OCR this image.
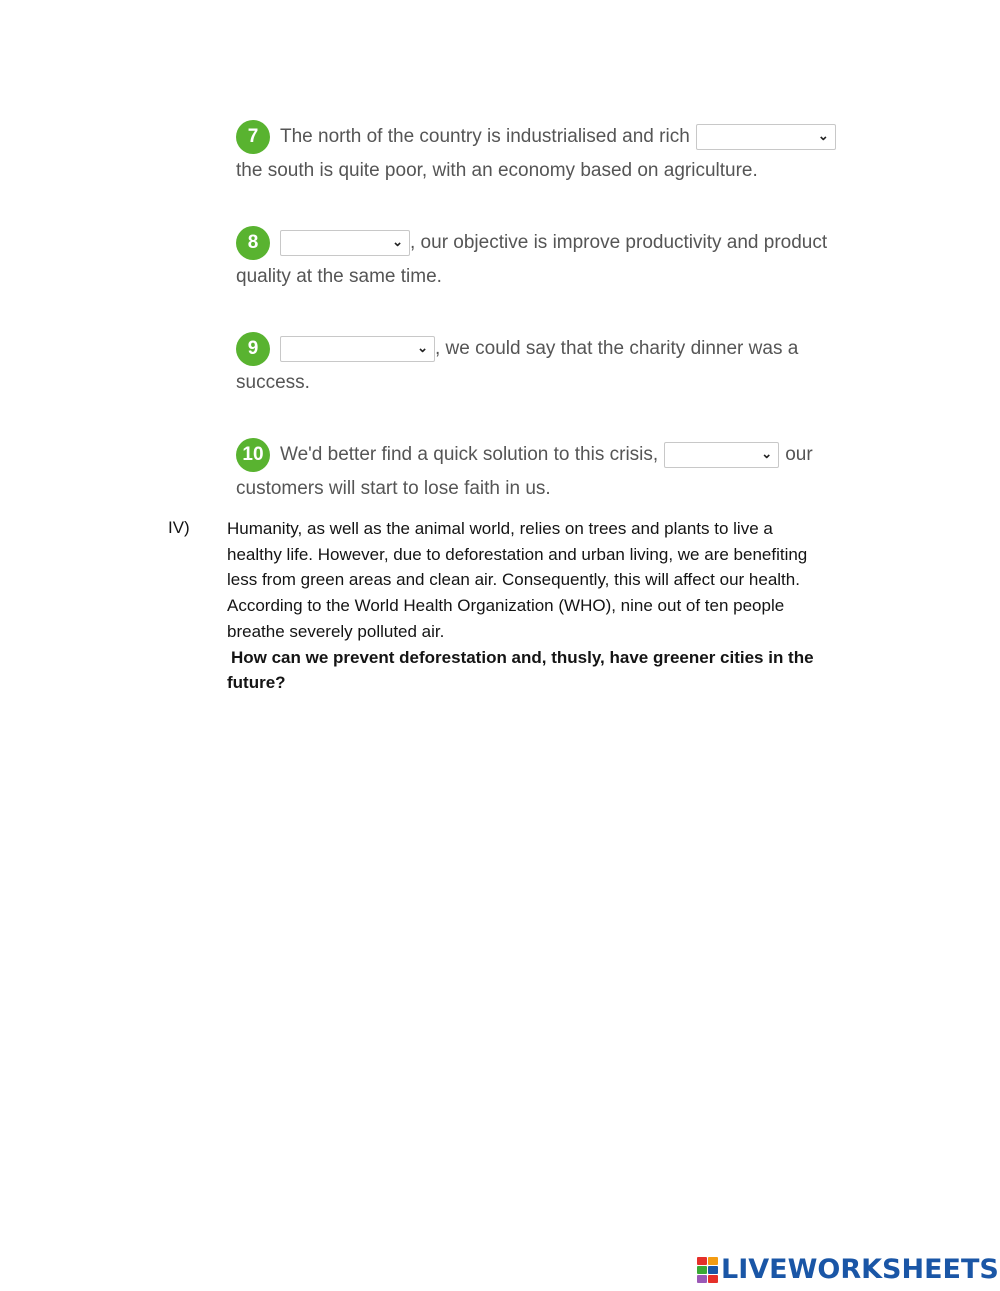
7	The north of the country is industrialised and rich	⌄
the south is quite poor, with an economy based on agriculture.
8	⌄ , our objective is improve productivity and product
quality at the same time.
9	⌄ , we could say that the charity dinner was a
success.
10 We'd better find a quick solution to this crisis,	⌄ our
customers will start to lose faith in us.
IV) Humanity, as well as the animal world, relies on trees and plants to live a
healthy life. However, due to deforestation and urban living, we are benefiting
less from green areas and clean air. Consequently, this will affect our health.
According to the World Health Organization (WHO), nine out of ten people
breathe severely polluted air.
How can we prevent deforestation and, thusly, have greener cities in the
future?
LIVEWORKSHEETS
